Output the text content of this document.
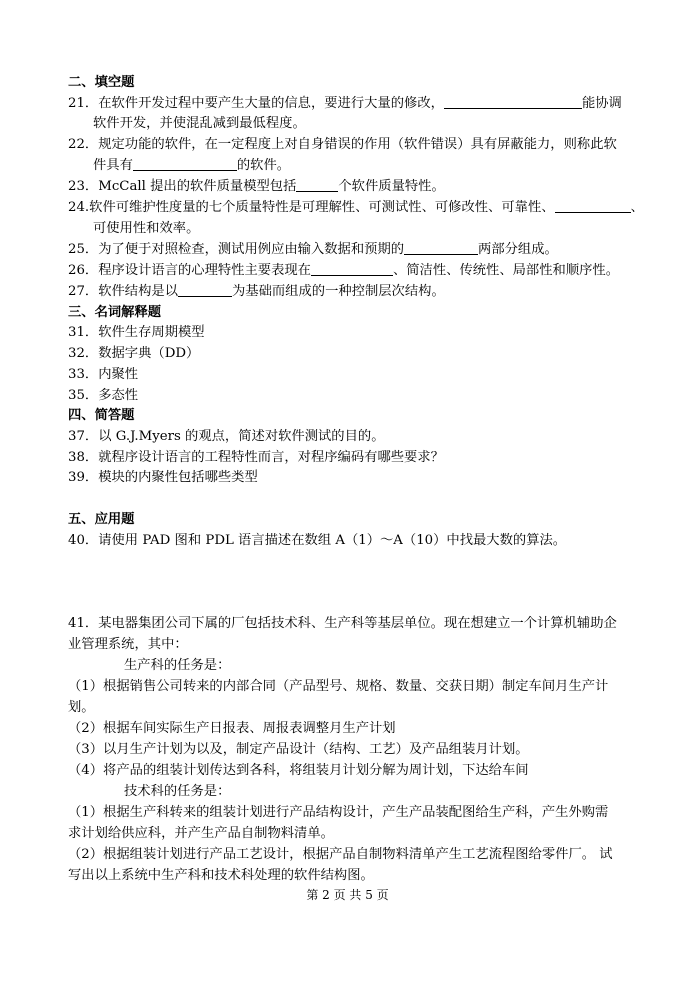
二、填空题
21．在软件开发过程中要产生大量的信息，要进行大量的修改，	能协调
软件开发，并使混乱减到最低程度。
22．规定功能的软件，在一定程度上对自身错误的作用（软件错误）具有屏蔽能力，则称此软
件具有	的软件。
23．McCall 提出的软件质量模型包括	个软件质量特性。
24.软件可维护性度量的七个质量特性是可理解性、可测试性、可修改性、可靠性、	、
可使用性和效率。
25．为了便于对照检查，测试用例应由输入数据和预期的	两部分组成。
26．程序设计语言的心理特性主要表现在	、简洁性、传统性、局部性和顺序性。
27．软件结构是以	为基础而组成的一种控制层次结构。
三、名词解释题
31．软件生存周期模型
32．数据字典（DD）
33．内聚性
35．多态性
四、简答题
37．以 G.J.Myers 的观点，简述对软件测试的目的。
38．就程序设计语言的工程特性而言，对程序编码有哪些要求？
39．模块的内聚性包括哪些类型
五、应用题
40．请使用 PAD 图和 PDL 语言描述在数组 A（1）～A（10）中找最大数的算法。
41．某电器集团公司下属的厂包括技术科、生产科等基层单位。现在想建立一个计算机辅助企
业管理系统，其中：
生产科的任务是：
（1）根据销售公司转来的内部合同（产品型号、规格、数量、交获日期）制定车间月生产计
划。
（2）根据车间实际生产日报表、周报表调整月生产计划
（3）以月生产计划为以及，制定产品设计（结构、工艺）及产品组装月计划。
（4）将产品的组装计划传达到各科，将组装月计划分解为周计划，下达给车间
技术科的任务是：
（1）根据生产科转来的组装计划进行产品结构设计，产生产品装配图给生产科，产生外购需
求计划给供应科，并产生产品自制物料清单。
（2）根据组装计划进行产品工艺设计，根据产品自制物料清单产生工艺流程图给零件厂。 试
写出以上系统中生产科和技术科处理的软件结构图。
第 2 页 共 5 页
